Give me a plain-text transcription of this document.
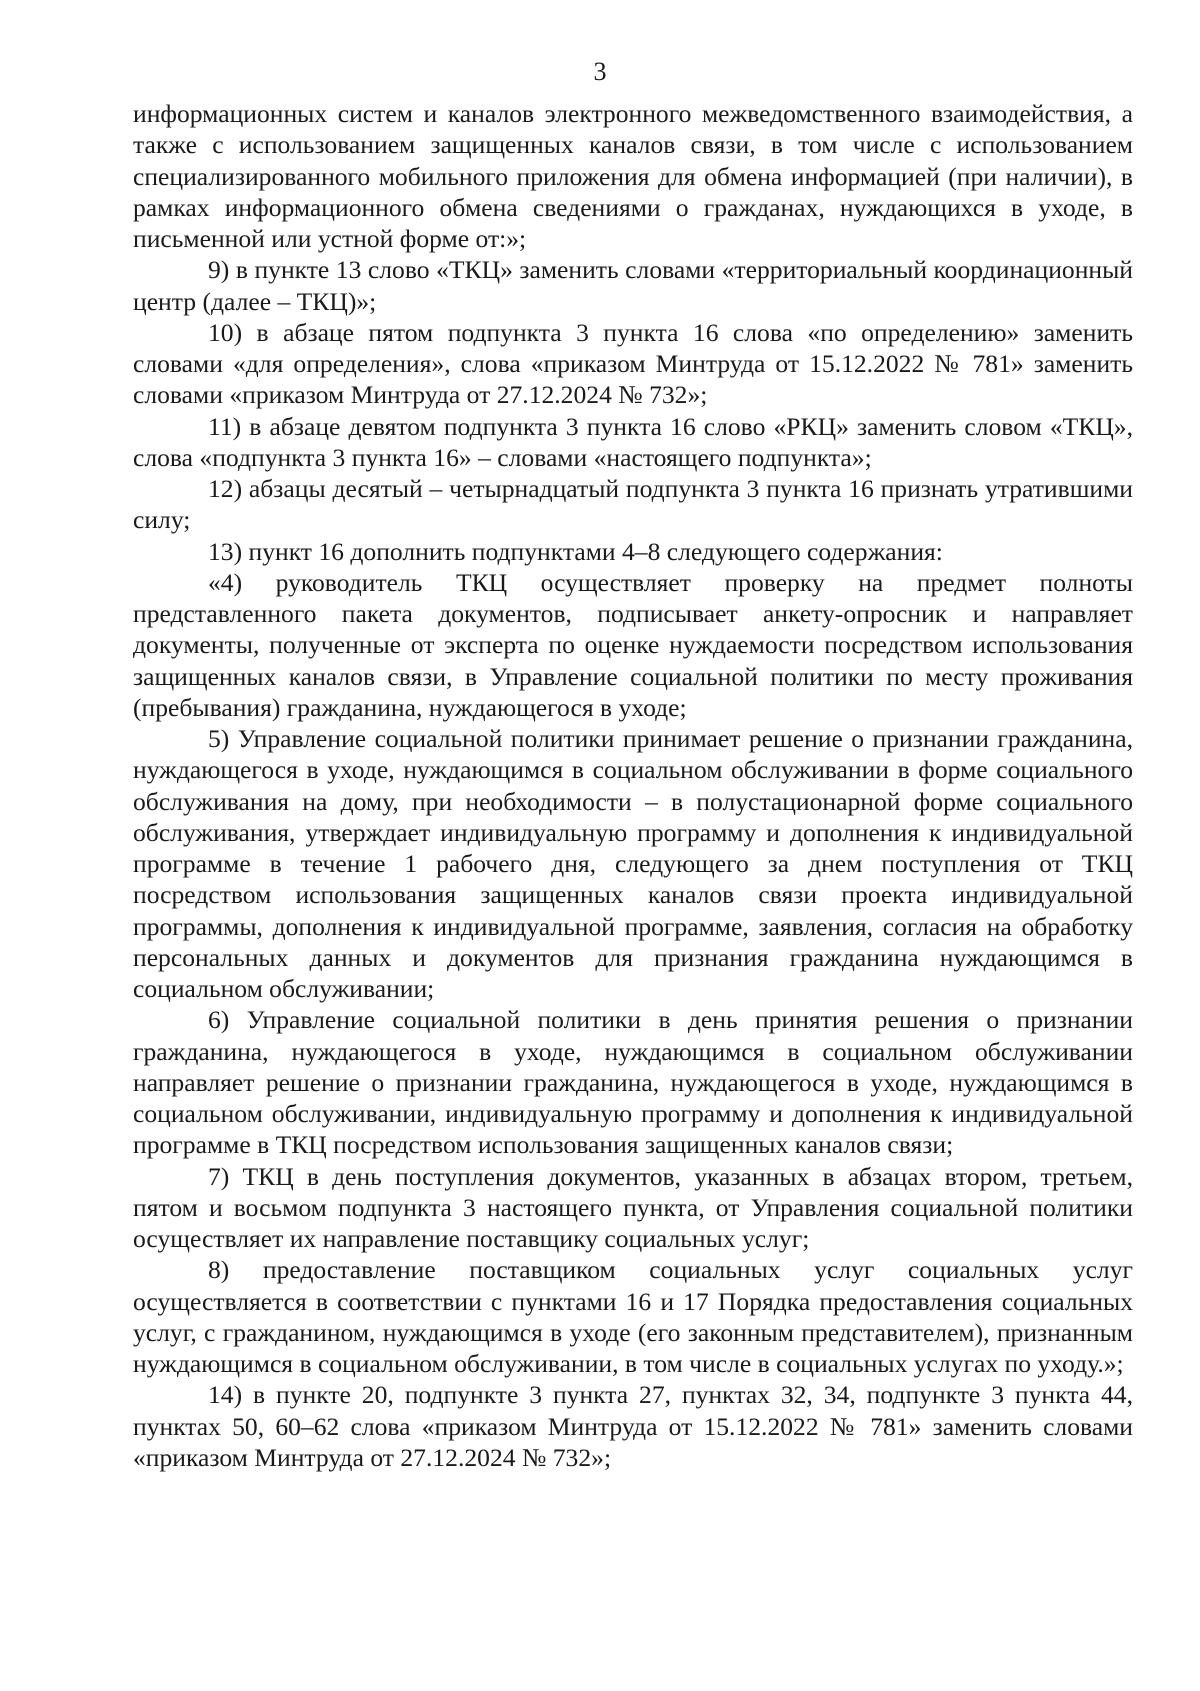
3

информационных систем и каналов электронного межведомственного взаимодействия, а также с использованием защищенных каналов связи, в том числе с использованием специализированного мобильного приложения для обмена информацией (при наличии), в рамках информационного обмена сведениями о гражданах, нуждающихся в уходе, в письменной или устной форме от:»;

9) в пункте 13 слово «ТКЦ» заменить словами «территориальный координационный центр (далее – ТКЦ)»;

10) в абзаце пятом подпункта 3 пункта 16 слова «по определению» заменить словами «для определения», слова «приказом Минтруда от 15.12.2022 № 781» заменить словами «приказом Минтруда от 27.12.2024 № 732»;

11) в абзаце девятом подпункта 3 пункта 16 слово «РКЦ» заменить словом «ТКЦ», слова «подпункта 3 пункта 16» – словами «настоящего подпункта»;

12) абзацы десятый – четырнадцатый подпункта 3 пункта 16 признать утратившими силу;

13) пункт 16 дополнить подпунктами 4–8 следующего содержания:

«4) руководитель ТКЦ осуществляет проверку на предмет полноты представленного пакета документов, подписывает анкету-опросник и направляет документы, полученные от эксперта по оценке нуждаемости посредством использования защищенных каналов связи, в Управление социальной политики по месту проживания (пребывания) гражданина, нуждающегося в уходе;

5) Управление социальной политики принимает решение о признании гражданина, нуждающегося в уходе, нуждающимся в социальном обслуживании в форме социального обслуживания на дому, при необходимости – в полустационарной форме социального обслуживания, утверждает индивидуальную программу и дополнения к индивидуальной программе в течение 1 рабочего дня, следующего за днем поступления от ТКЦ посредством использования защищенных каналов связи проекта индивидуальной программы, дополнения к индивидуальной программе, заявления, согласия на обработку персональных данных и документов для признания гражданина нуждающимся в социальном обслуживании;

6) Управление социальной политики в день принятия решения о признании гражданина, нуждающегося в уходе, нуждающимся в социальном обслуживании направляет решение о признании гражданина, нуждающегося в уходе, нуждающимся в социальном обслуживании, индивидуальную программу и дополнения к индивидуальной программе в ТКЦ посредством использования защищенных каналов связи;

7) ТКЦ в день поступления документов, указанных в абзацах втором, третьем, пятом и восьмом подпункта 3 настоящего пункта, от Управления социальной политики осуществляет их направление поставщику социальных услуг;

8) предоставление поставщиком социальных услуг социальных услуг осуществляется в соответствии с пунктами 16 и 17 Порядка предоставления социальных услуг, с гражданином, нуждающимся в уходе (его законным представителем), признанным нуждающимся в социальном обслуживании, в том числе в социальных услугах по уходу.»;

14) в пункте 20, подпункте 3 пункта 27, пунктах 32, 34, подпункте 3 пункта 44, пунктах 50, 60–62 слова «приказом Минтруда от 15.12.2022 № 781» заменить словами «приказом Минтруда от 27.12.2024 № 732»;
